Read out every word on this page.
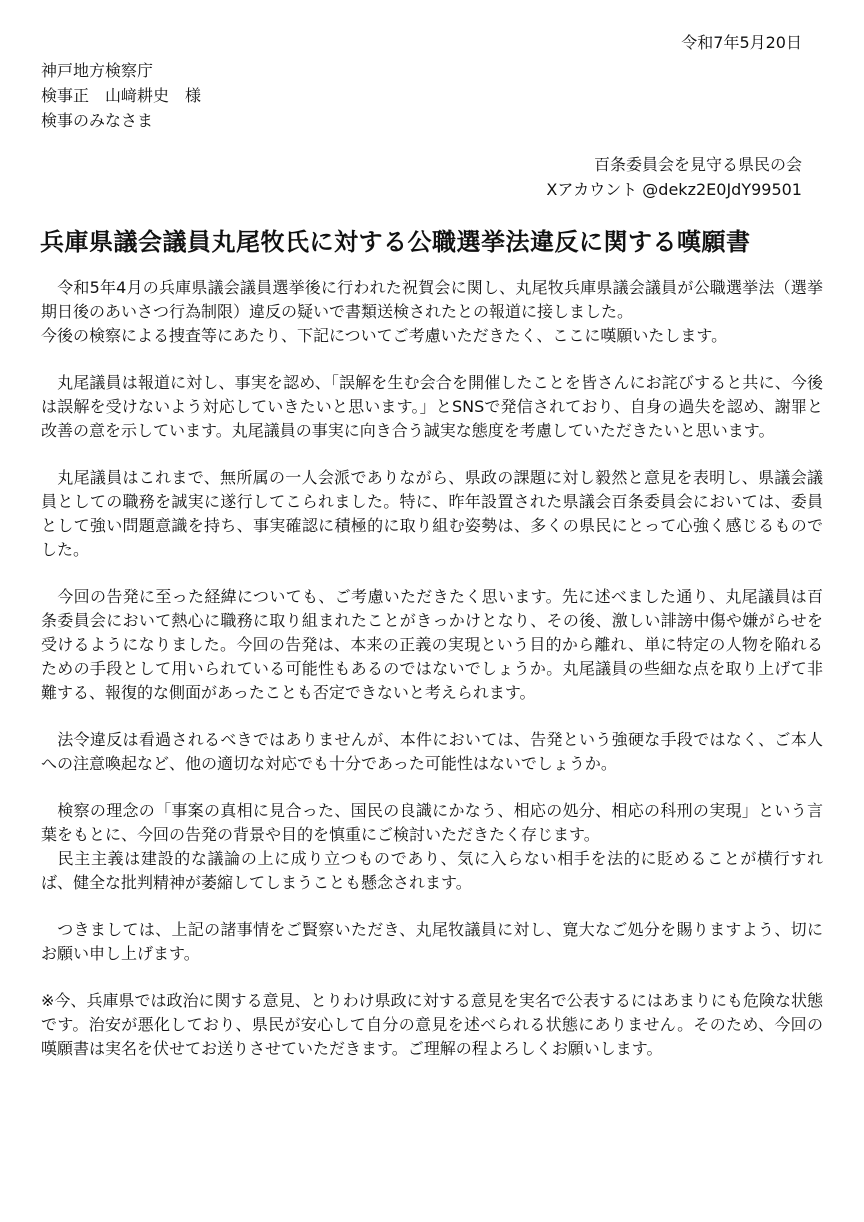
令和7年5月20日
神戸地方検察庁
検事正　山﨑耕史　様
検事のみなさま
百条委員会を見守る県民の会
Xアカウント @dekz2E0JdY99501
兵庫県議会議員丸尾牧氏に対する公職選挙法違反に関する嘆願書
　令和5年4月の兵庫県議会議員選挙後に行われた祝賀会に関し、丸尾牧兵庫県議会議員が公職選挙法（選挙期日後のあいさつ行為制限）違反の疑いで書類送検されたとの報道に接しました。
今後の検察による捜査等にあたり、下記についてご考慮いただきたく、ここに嘆願いたします。
　丸尾議員は報道に対し、事実を認め、「誤解を生む会合を開催したことを皆さんにお詫びすると共に、今後は誤解を受けないよう対応していきたいと思います。」とSNSで発信されており、自身の過失を認め、謝罪と改善の意を示しています。丸尾議員の事実に向き合う誠実な態度を考慮していただきたいと思います。
　丸尾議員はこれまで、無所属の一人会派でありながら、県政の課題に対し毅然と意見を表明し、県議会議員としての職務を誠実に遂行してこられました。特に、昨年設置された県議会百条委員会においては、委員として強い問題意識を持ち、事実確認に積極的に取り組む姿勢は、多くの県民にとって心強く感じるものでした。
　今回の告発に至った経緯についても、ご考慮いただきたく思います。先に述べました通り、丸尾議員は百条委員会において熱心に職務に取り組まれたことがきっかけとなり、その後、激しい誹謗中傷や嫌がらせを受けるようになりました。今回の告発は、本来の正義の実現という目的から離れ、単に特定の人物を陥れるための手段として用いられている可能性もあるのではないでしょうか。丸尾議員の些細な点を取り上げて非難する、報復的な側面があったことも否定できないと考えられます。
　法令違反は看過されるべきではありませんが、本件においては、告発という強硬な手段ではなく、ご本人への注意喚起など、他の適切な対応でも十分であった可能性はないでしょうか。
　検察の理念の「事案の真相に見合った、国民の良識にかなう、相応の処分、相応の科刑の実現」という言葉をもとに、今回の告発の背景や目的を慎重にご検討いただきたく存じます。
　民主主義は建設的な議論の上に成り立つものであり、気に入らない相手を法的に貶めることが横行すれば、健全な批判精神が萎縮してしまうことも懸念されます。
　つきましては、上記の諸事情をご賢察いただき、丸尾牧議員に対し、寛大なご処分を賜りますよう、切にお願い申し上げます。
※今、兵庫県では政治に関する意見、とりわけ県政に対する意見を実名で公表するにはあまりにも危険な状態です。治安が悪化しており、県民が安心して自分の意見を述べられる状態にありません。そのため、今回の嘆願書は実名を伏せてお送りさせていただきます。ご理解の程よろしくお願いします。
